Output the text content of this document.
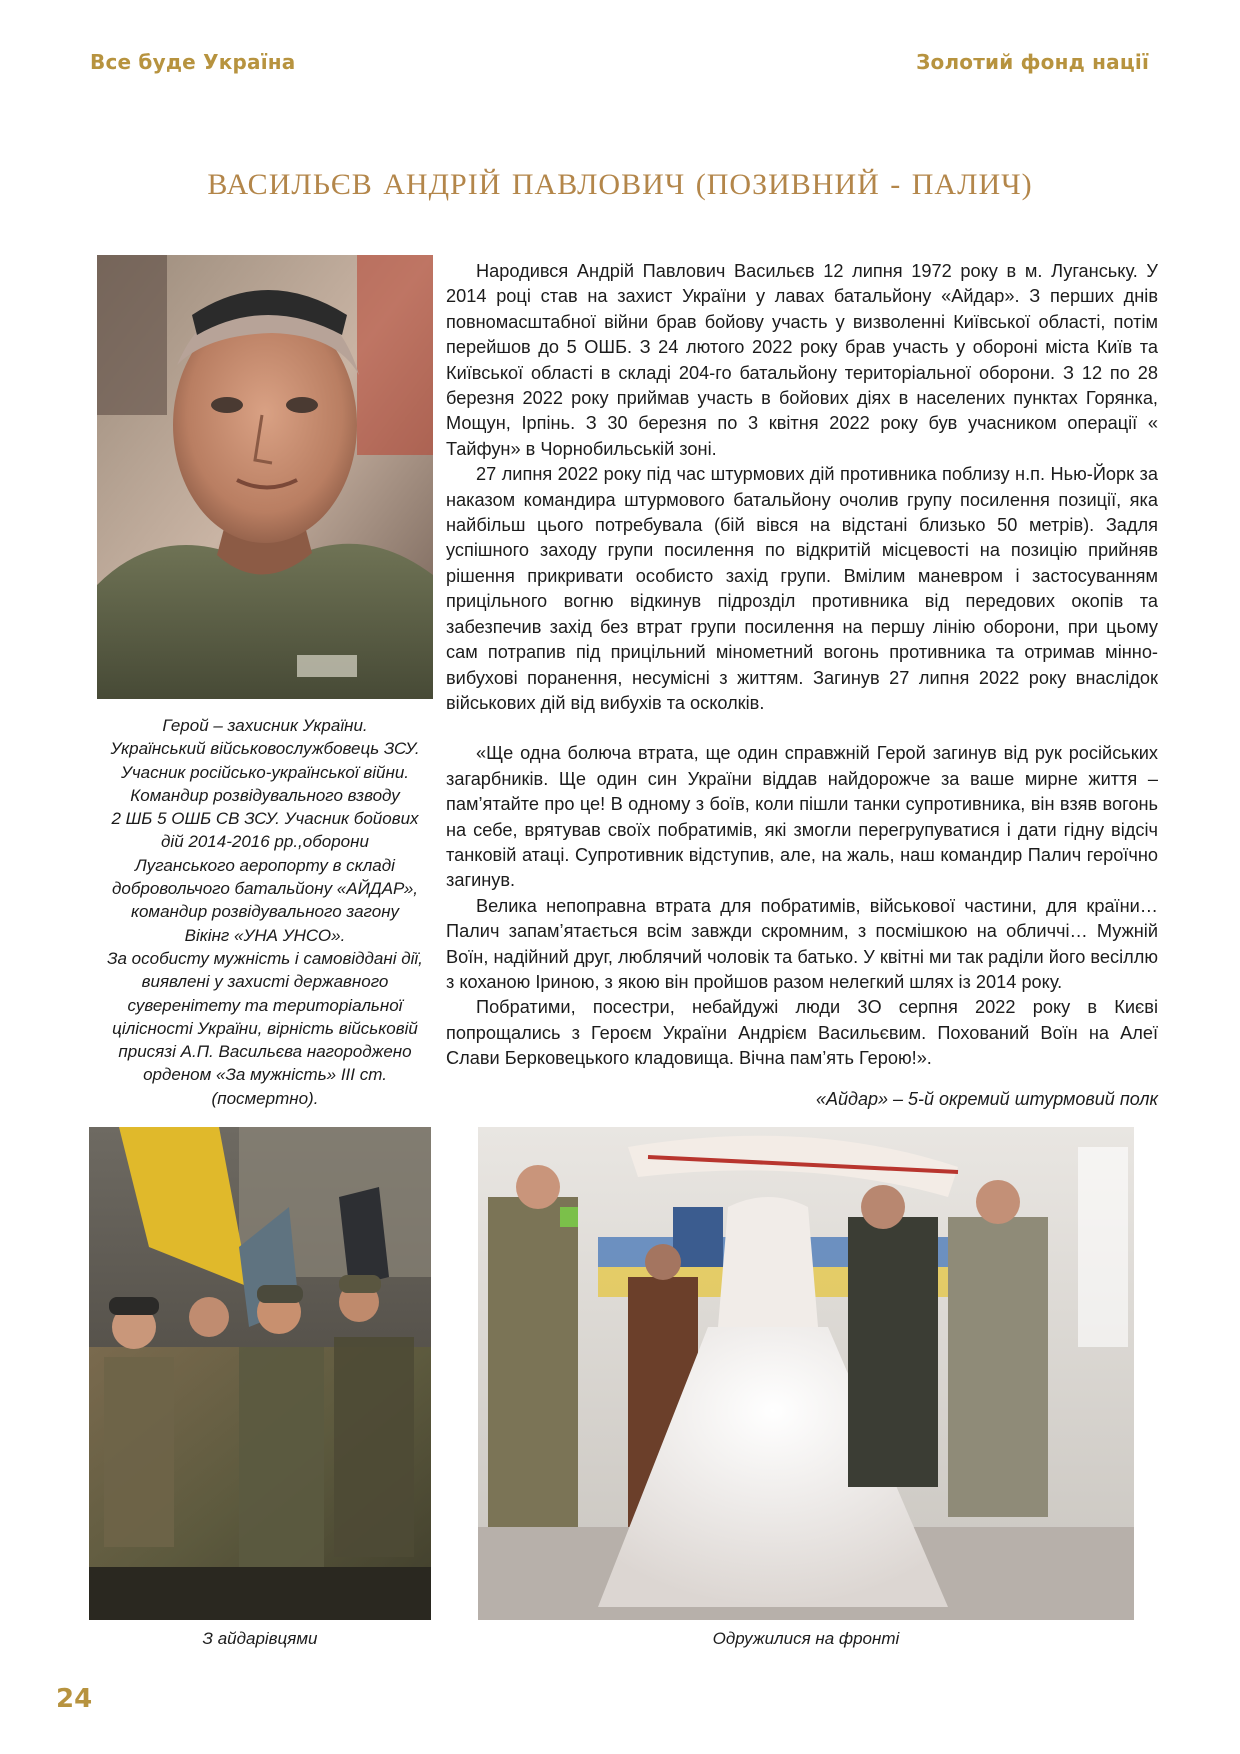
Все буде Україна	Золотий фонд нації
ВАСИЛЬЄВ АНДРІЙ ПАВЛОВИЧ (ПОЗИВНИЙ - ПАЛИЧ)
Герой – захисник України.
Український військовослужбовець ЗСУ.
Учасник російсько-української війни.
Командир розвідувального взводу
2 ШБ 5 ОШБ СВ ЗСУ. Учасник бойових
дій 2014-2016 рр.,оборони
Луганського аеропорту в складі
добровольчого батальйону «АЙДАР»,
командир розвідувального загону
Вікінг «УНА УНСО».
За особисту мужність і самовіддані дії,
виявлені у захисті державного
суверенітету та територіальної
цілісності України, вірність військовій
присязі А.П. Васильєва нагороджено
орденом «За мужність» ІІІ ст.
(посмертно).

Народився Андрій Павлович Васильєв 12 липня 1972 року в м. Луганську. У 2014 році став на захист України у лавах батальйону «Айдар». З перших днів повномасштабної війни брав бойову участь у визволенні Київської області, потім перейшов до 5 ОШБ. З 24 лютого 2022 року брав участь у обороні міста Київ та Київської області в складі 204-го батальйону територіальної оборони. З 12 по 28 березня 2022 року приймав участь в бойових діях в населених пунктах Горянка, Мощун, Ірпінь. З 30 березня по 3 квітня 2022 року був учасником операції « Тайфун» в Чорнобильській зоні.

27 липня 2022 року під час штурмових дій противника поблизу н.п. Нью-Йорк за наказом командира штурмового батальйону очолив групу посилення позиції, яка найбільш цього потребувала (бій вівся на відстані близько 50 метрів). Задля успішного заходу групи посилення по відкритій місцевості на позицію прийняв рішення прикривати особисто захід групи. Вмілим маневром і застосуванням прицільного вогню відкинув підрозділ противника від передових окопів та забезпечив захід без втрат групи посилення на першу лінію оборони, при цьому сам потрапив під прицільний мінометний вогонь противника та отримав мінно-вибухові поранення, несумісні з життям. Загинув 27 липня 2022 року внаслідок військових дій від вибухів та осколків.

«Ще одна болюча втрата, ще один справжній Герой загинув від рук російських загарбників. Ще один син України віддав найдорожче за ваше мирне життя – пам’ятайте про це! В одному з боїв, коли пішли танки супротивника, він взяв вогонь на себе, врятував своїх побратимів, які змогли перегрупуватися і дати гідну відсіч танковій атаці. Супротивник відступив, але, на жаль, наш командир Палич героїчно загинув.

Велика непоправна втрата для побратимів, військової частини, для країни… Палич запам’ятається всім завжди скромним, з посмішкою на обличчі… Мужній Воїн, надійний друг, люблячий чоловік та батько. У квітні ми так раділи його весіллю з коханою Іриною, з якою він пройшов разом нелегкий шлях із 2014 року.

Побратими, посестри, небайдужі люди 3О серпня 2022 року в Києві попрощались з Героєм України Андрієм Васильєвим. Похований Воїн на Алеї Слави Берковецького кладовища. Вічна пам’ять Герою!».

«Айдар» – 5-й окремий штурмовий полк
З айдарівцями	Одружилися на фронті
24
